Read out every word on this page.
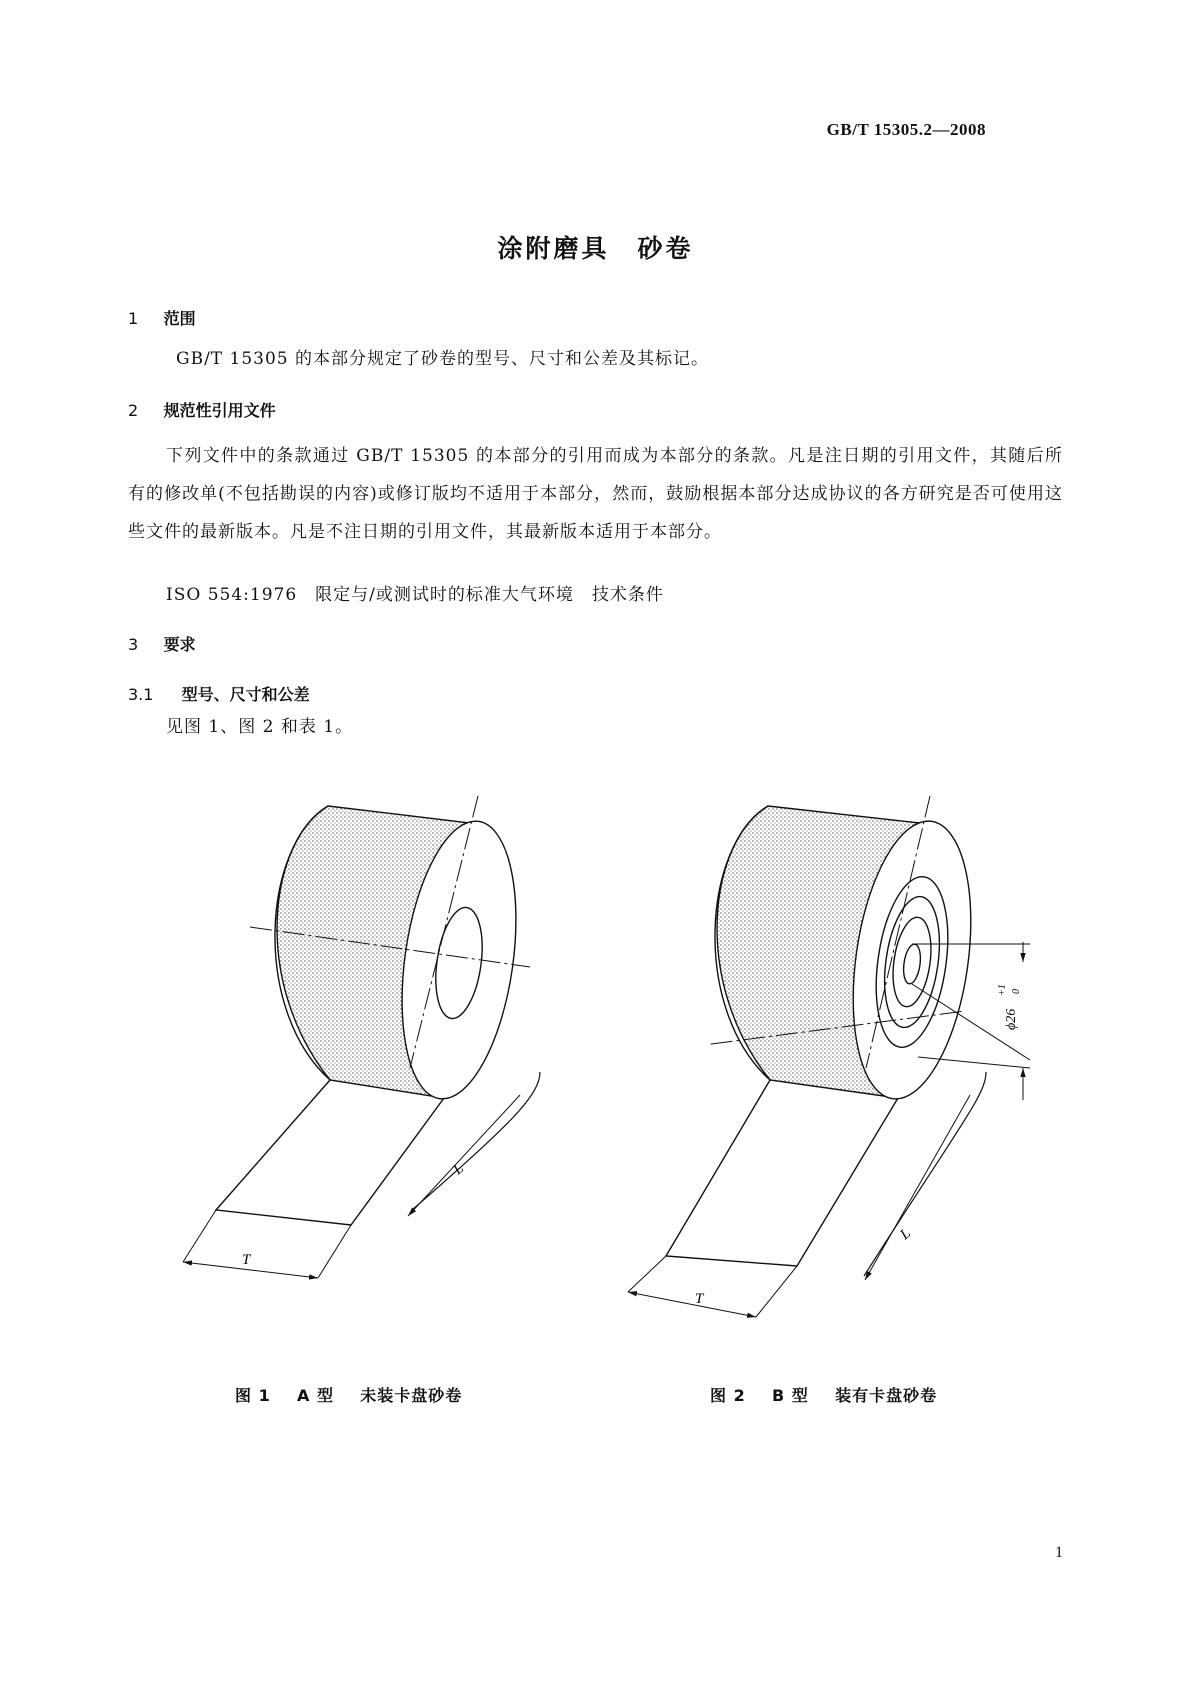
GB/T 15305.2—2008
涂附磨具　砂卷
1 范围
GB/T 15305 的本部分规定了砂卷的型号、尺寸和公差及其标记。
2 规范性引用文件
下列文件中的条款通过 GB/T 15305 的本部分的引用而成为本部分的条款。凡是注日期的引用文件，其随后所有的修改单(不包括勘误的内容)或修订版均不适用于本部分，然而，鼓励根据本部分达成协议的各方研究是否可使用这些文件的最新版本。凡是不注日期的引用文件，其最新版本适用于本部分。
ISO 554:1976　限定与/或测试时的标准大气环境　技术条件
3 要求
3.1 型号、尺寸和公差
见图 1、图 2 和表 1。
L
T
L
T
ϕ26
+1 0
图 1 A 型 未装卡盘砂卷	图 2 B 型 装有卡盘砂卷
1
